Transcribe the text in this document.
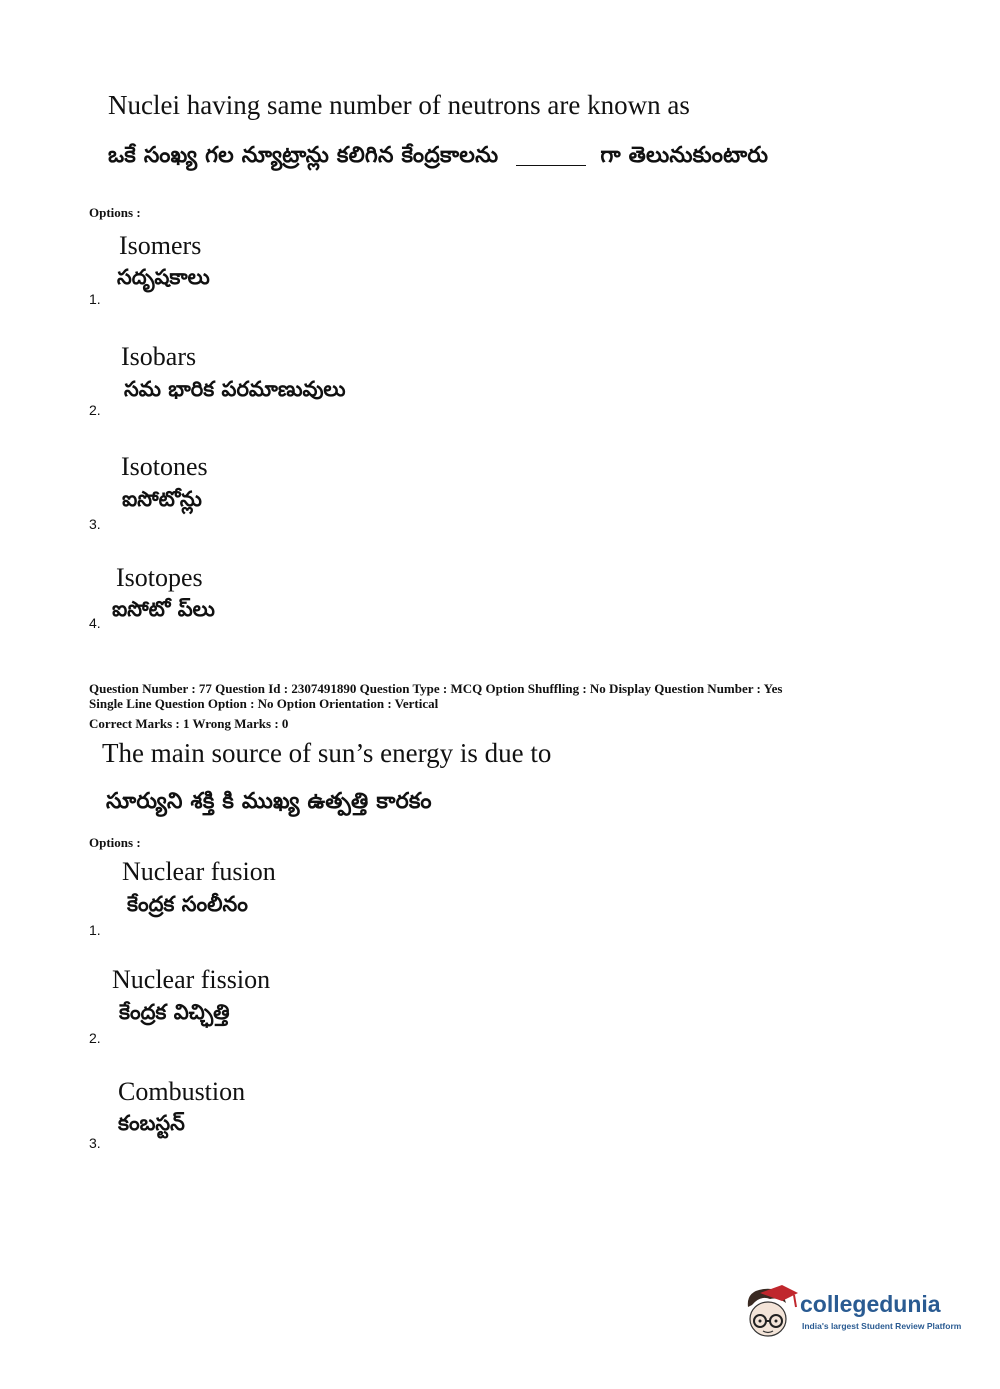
Nuclei having same number of neutrons are known as
ఒకే సంఖ్య గల న్యూట్రాన్లు కలిగిన కేంద్రకాలను	గా తెలునుకుంటారు
Options :
Isomers
సదృషకాలు
1.
Isobars
సమ భారిక పరమాణువులు
2.
Isotones
ఐసోటోన్లు
3.
Isotopes
ఐసోటో ప్‌లు
4.
Question Number : 77 Question Id : 2307491890 Question Type : MCQ Option Shuffling : No Display Question Number : Yes
Single Line Question Option : No Option Orientation : Vertical
Correct Marks : 1 Wrong Marks : 0
The main source of sun’s energy is due to
సూర్యుని శక్తి కి ముఖ్య ఉత్పత్తి కారకం
Options :
Nuclear fusion
కేంద్రక సంలీనం
1.
Nuclear fission
కేంద్రక విచ్ఛిత్తి
2.
Combustion
కంబస్టన్
3.
collegedunia
India's largest Student Review Platform
